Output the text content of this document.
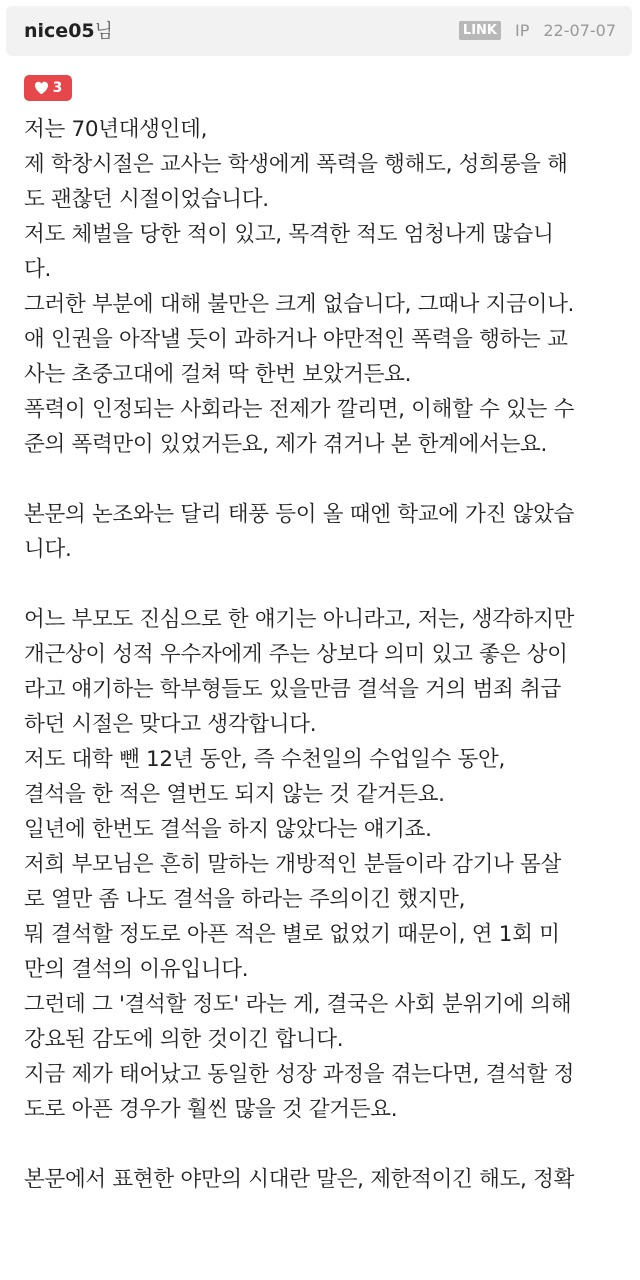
nice05님	LINK IP 22-07-07
3
저는 70년대생인데,
제 학창시절은 교사는 학생에게 폭력을 행해도, 성희롱을 해
도 괜찮던 시절이었습니다.
저도 체벌을 당한 적이 있고, 목격한 적도 엄청나게 많습니
다.
그러한 부분에 대해 불만은 크게 없습니다, 그때나 지금이나.
애 인권을 아작낼 듯이 과하거나 야만적인 폭력을 행하는 교
사는 초중고대에 걸쳐 딱 한번 보았거든요.
폭력이 인정되는 사회라는 전제가 깔리면, 이해할 수 있는 수
준의 폭력만이 있었거든요, 제가 겪거나 본 한계에서는요.
본문의 논조와는 달리 태풍 등이 올 때엔 학교에 가진 않았습
니다.
어느 부모도 진심으로 한 얘기는 아니라고, 저는, 생각하지만
개근상이 성적 우수자에게 주는 상보다 의미 있고 좋은 상이
라고 얘기하는 학부형들도 있을만큼 결석을 거의 범죄 취급
하던 시절은 맞다고 생각합니다.
저도 대학 뺀 12년 동안, 즉 수천일의 수업일수 동안,
결석을 한 적은 열번도 되지 않는 것 같거든요.
일년에 한번도 결석을 하지 않았다는 얘기죠.
저희 부모님은 흔히 말하는 개방적인 분들이라 감기나 몸살
로 열만 좀 나도 결석을 하라는 주의이긴 했지만,
뭐 결석할 정도로 아픈 적은 별로 없었기 때문이, 연 1회 미
만의 결석의 이유입니다.
그런데 그 '결석할 정도' 라는 게, 결국은 사회 분위기에 의해
강요된 감도에 의한 것이긴 합니다.
지금 제가 태어났고 동일한 성장 과정을 겪는다면, 결석할 정
도로 아픈 경우가 훨씬 많을 것 같거든요.
본문에서 표현한 야만의 시대란 말은, 제한적이긴 해도, 정확
